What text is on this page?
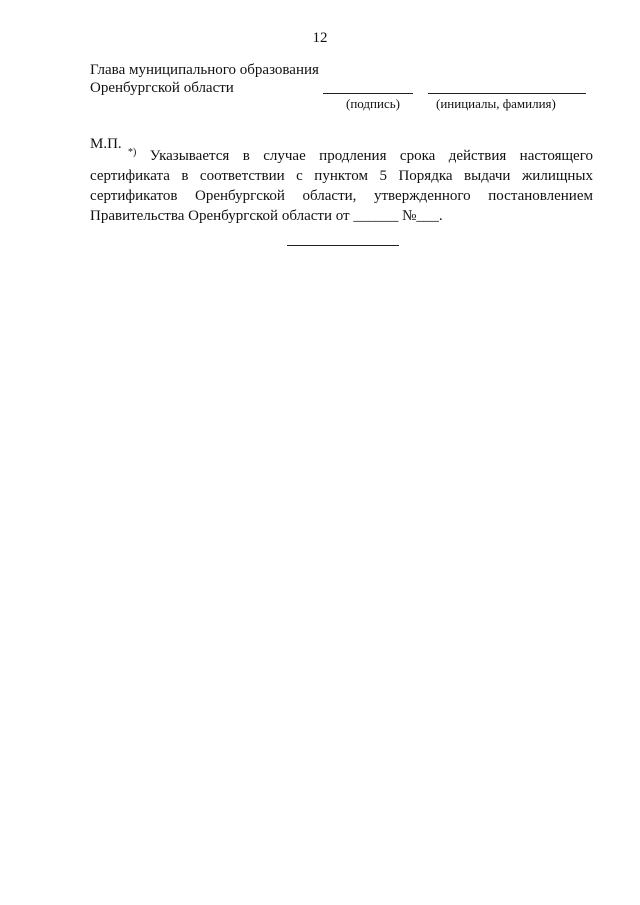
12
Глава муниципального образования
Оренбургской области
(подпись)	(инициалы, фамилия)
М.П.

*) Указывается в случае продления срока действия настоящего сертификата в соответствии с пунктом 5 Порядка выдачи жилищных сертификатов Оренбургской области, утвержденного постановлением Правительства Оренбургской области от ______ №___.
